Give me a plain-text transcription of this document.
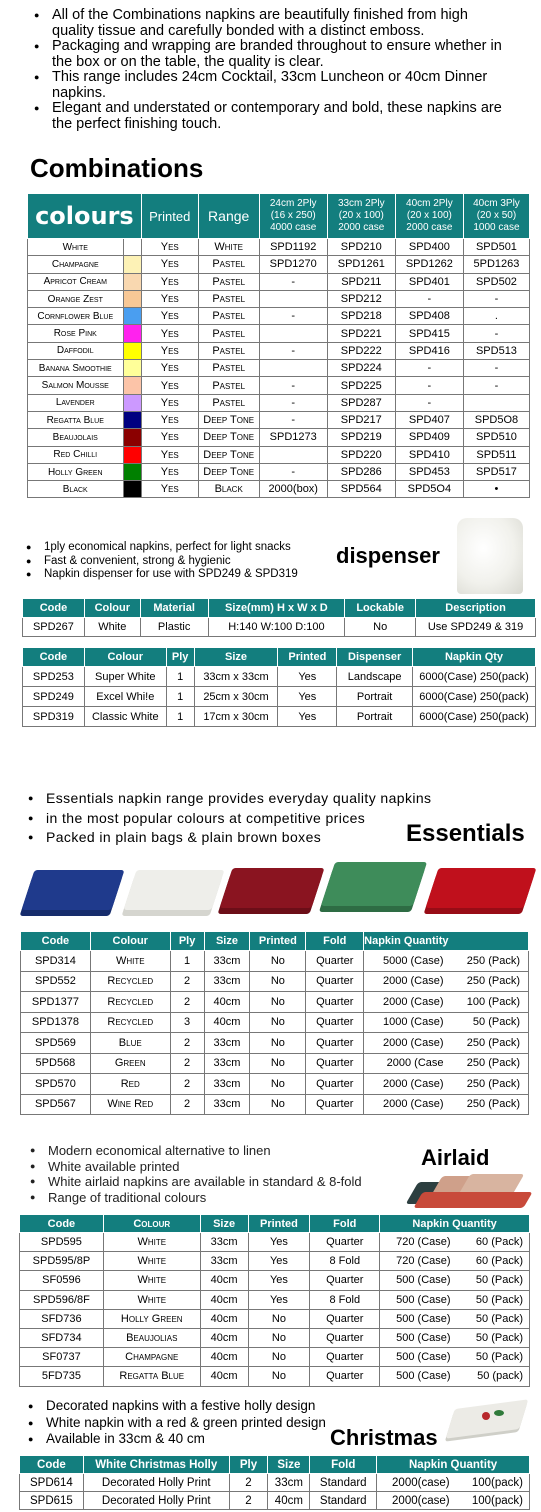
● All of the Combinations napkins are beautifully finished from high quality tissue and carefully bonded with a distinct emboss.
● Packaging and wrapping are branded throughout to ensure whether in the box or on the table, the quality is clear.
● This range includes 24cm Cocktail, 33cm Luncheon or 40cm Dinner napkins.
● Elegant and understated or contemporary and bold, these napkins are the perfect finishing touch.
Combinations
colours		Printed	Range	24cm 2Ply
(16 x 250)
4000 case	33cm 2Ply
(20 x 100)
2000 case	40cm 2Ply
(20 x 100)
2000 case	40cm 3Ply
(20 x 50)
1000 case
White		Yes	White	SPD1192	SPD210	SPD400	SPD501
Champagne		Yes	Pastel	SPD1270	SPD1261	SPD1262	5PD1263
Apricot Cream		Yes	Pastel	-	SPD211	SPD401	SPD502
Orange Zest		Yes	Pastel		SPD212	-	-
Cornflower Blue		Yes	Pastel	-	SPD218	SPD408	.
Rose Pink		Yes	Pastel		SPD221	SPD415	-
Daffodil		Yes	Pastel	-	SPD222	SPD416	SPD513
Banana Smoothie		Yes	Pastel		SPD224	-	-
Salmon Mousse		Yes	Pastel	-	SPD225	-	-
Lavender		Yes	Pastel	-	SPD287	-	
Regatta Blue		Yes	Deep Tone	-	SPD217	SPD407	SPD5O8
Beaujolais		Yes	Deep Tone	SPD1273	SPD219	SPD409	SPD510
Red Chilli		Yes	Deep Tone		SPD220	SPD410	SPD511
Holly Green		Yes	Deep Tone	-	SPD286	SPD453	SPD517
Black		Yes	Black	2000(box)	SPD564	SPD5O4	•
● 1ply economical napkins, perfect for light snacks
● Fast & convenient, strong & hygienic
● Napkin dispenser for use with SPD249 & SPD319
dispenser
Code	Colour	Material	Size(mm) H x W x D	Lockable	Description
SPD267	White	Plastic	H:140 W:100 D:100	No	Use SPD249 & 319
Code	Colour	Ply	Size	Printed	Dispenser	Napkin Qty
SPD253	Super White	1	33cm x 33cm	Yes	Landscape	6000(Case) 250(pack)
SPD249	Excel Whi!e	1	25cm x 30cm	Yes	Portrait	6000(Case) 250(pack)
SPD319	Classic White	1	17cm x 30cm	Yes	Portrait	6000(Case) 250(pack)
● Essentials napkin range provides everyday quality napkins
● in the most popular colours at competitive prices
● Packed in plain bags & plain brown boxes	Essentials
Code	Colour	Ply	Size	Printed	Fold	Napkin Quantity	
SPD314	White	1	33cm	No	Quarter	5000 (Case)	250 (Pack)
SPD552	Recycled	2	33cm	No	Quarter	2000 (Case)	250 (Pack)
SPD1377	Recycled	2	40cm	No	Quarter	2000 (Case)	100 (Pack)
SPD1378	Recycled	3	40cm	No	Quarter	1000 (Case)	50 (Pack)
SPD569	Blue	2	33cm	No	Quarter	2000 (Case)	250 (Pack)
5PD568	Green	2	33cm	No	Quarter	2000 (Case	250 (Pack)
SPD570	Red	2	33cm	No	Quarter	2000 (Case)	250 (Pack)
SPD567	Wine Red	2	33cm	No	Quarter	2000 (Case)	250 (Pack)
● Modern economical alternative to linen
● White available printed
● White airlaid napkins are available in standard & 8-fold
● Range of traditional colours
Airlaid
Code	Colour	Size	Printed	Fold	Napkin Quantity	
SPD595	White	33cm	Yes	Quarter	720 (Case)	60 (Pack)
SPD595/8P	White	33cm	Yes	8 Fold	720 (Case)	60 (Pack)
SF0596	White	40cm	Yes	Quarter	500 (Case)	50 (Pack)
SPD596/8F	White	40cm	Yes	8 Fold	500 (Case)	50 (Pack)
SFD736	Holly Green	40cm	No	Quarter	500 (Case)	50 (Pack)
SFD734	Beaujolias	40cm	No	Quarter	500 (Case)	50 (Pack)
SF0737	Champagne	40cm	No	Quarter	500 (Case)	50 (Pack)
5FD735	Regatta Blue	40cm	No	Quarter	500 (Case)	50 (pack)
● Decorated napkins with a festive holly design
● White napkin with a red & green printed design
● Available in 33cm & 40 cm	Christmas
Code	White Christmas Holly	Ply	Size	Fold	Napkin Quantity	
SPD614	Decorated Holly Print	2	33cm	Standard	2000(case)	100(pack)
SPD615	Decorated Holly Print	2	40cm	Standard	2000(case)	100(pack)
